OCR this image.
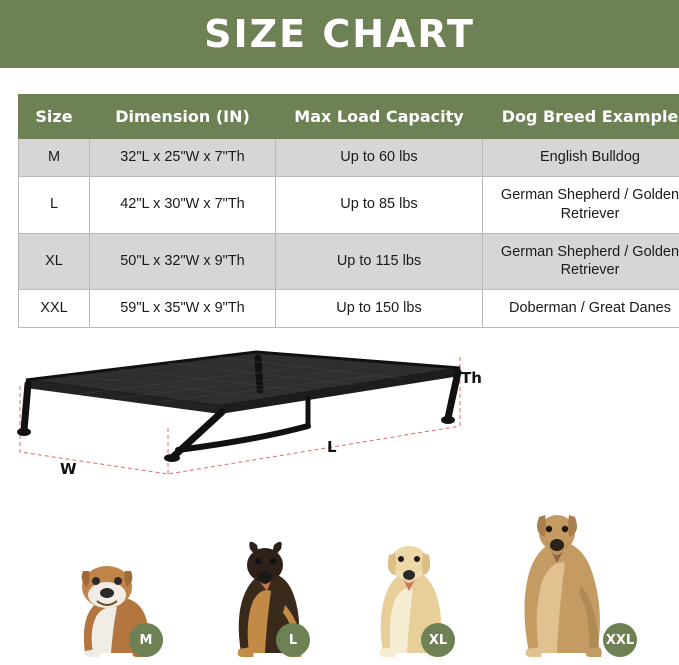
SIZE CHART
Size	Dimension (IN)	Max Load Capacity	Dog Breed Example
M	32"L x 25"W x 7"Th	Up to 60 lbs	English Bulldog
L	42"L x 30"W x 7"Th	Up to 85 lbs	German Shepherd / Golden Retriever
XL	50"L x 32"W x 9"Th	Up to 115 lbs	German Shepherd / Golden Retriever
XXL	59"L x 35"W x 9"Th	Up to 150 lbs	Doberman / Great Danes
Th
L
W
M	L	XL	XXL
